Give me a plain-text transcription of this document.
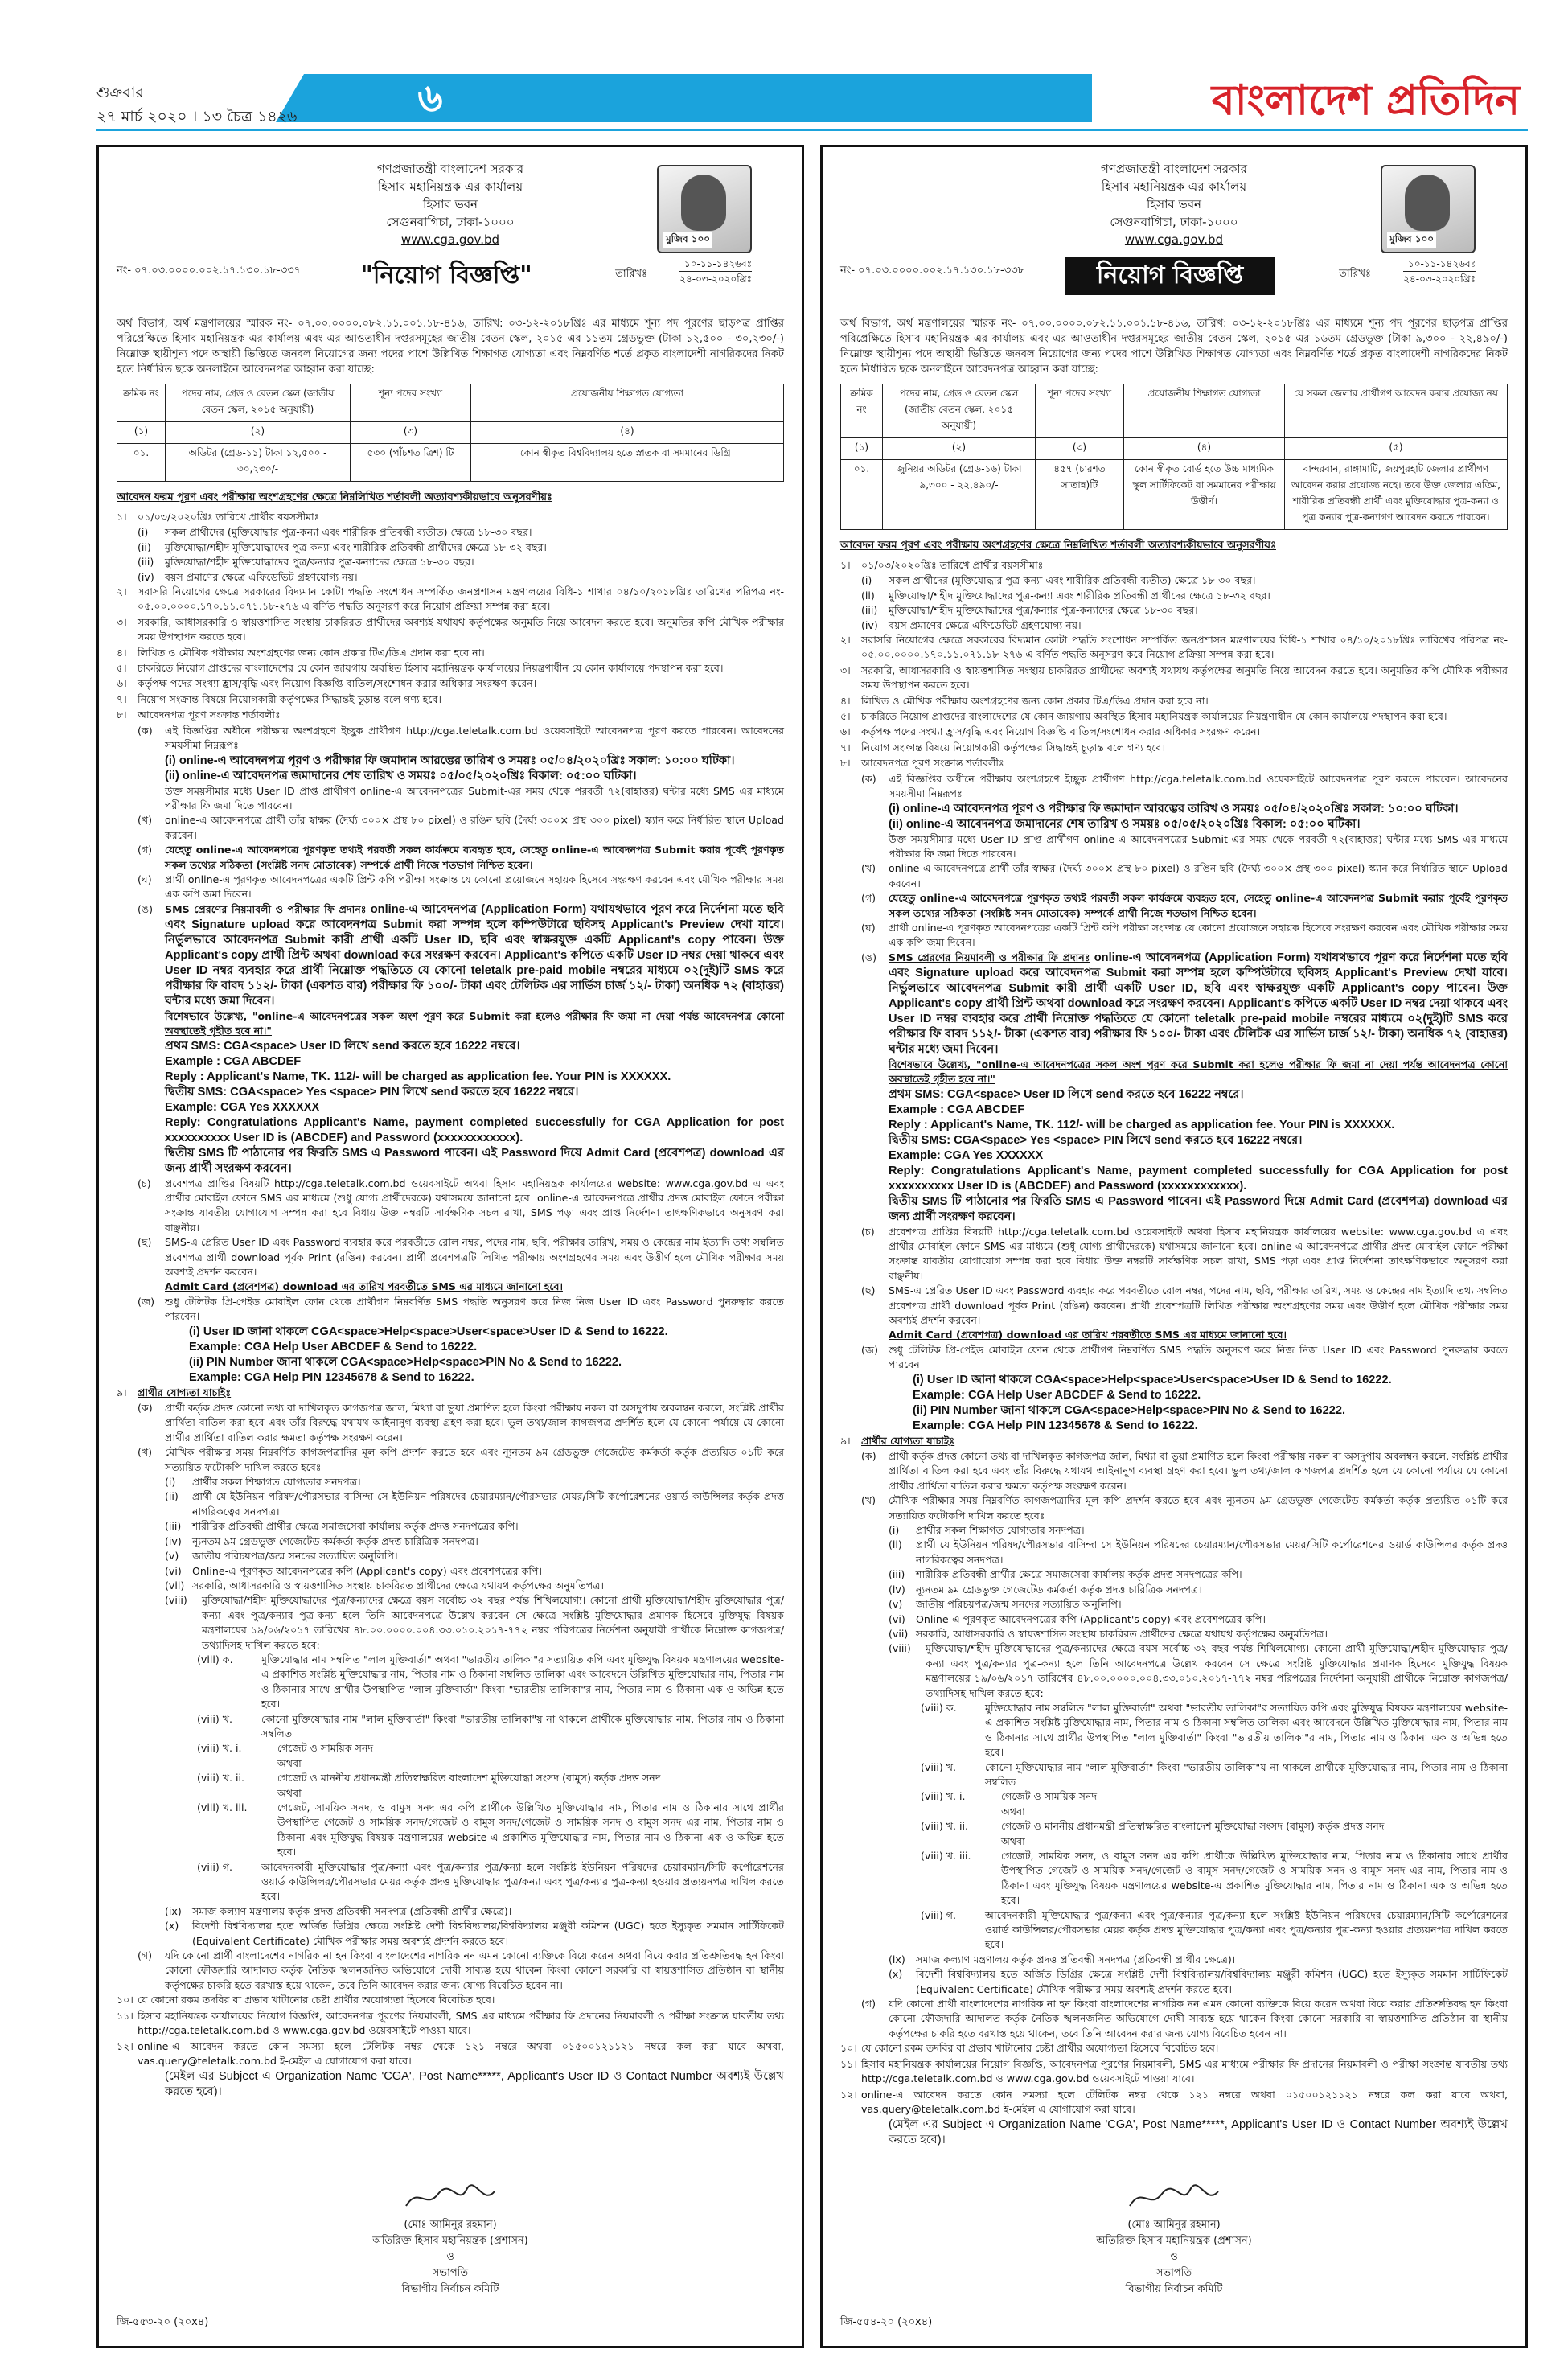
শুক্রবার
২৭ মার্চ ২০২০ । ১৩ চৈত্র ১৪২৬	৬	বাংলাদেশ প্রতিদিন
গণপ্রজাতন্ত্রী বাংলাদেশ সরকার
হিসাব মহানিয়ন্ত্রক এর কার্যালয়
হিসাব ভবন
সেগুনবাগিচা, ঢাকা-১০০০
www.cga.gov.bd	মুজিব ১০০
নং- ০৭.০৩.০০০০.০০২.১৭.১৩০.১৮-৩৩৭	"নিয়োগ বিজ্ঞপ্তি"	তারিখঃ
১০-১১-১৪২৬বঃ
২৪-০৩-২০২০খ্রিঃ

অর্থ বিভাগ, অর্থ মন্ত্রণালয়ের স্মারক নং- ০৭.০০.০০০০.০৮২.১১.০০১.১৮-৪১৬, তারিখ: ০৩-১২-২০১৮খ্রিঃ এর মাধ্যমে শূন্য পদ পূরণের ছাড়পত্র প্রাপ্তির পরিপ্রেক্ষিতে হিসাব মহানিয়ন্ত্রক এর কার্যালয় এবং এর আওতাধীন দপ্তরসমূহের জাতীয় বেতন স্কেল, ২০১৫ এর ১১তম গ্রেডভুক্ত (টাকা ১২,৫০০ - ৩০,২৩০/-) নিম্নোক্ত স্থায়ীশূন্য পদে অস্থায়ী ভিত্তিতে জনবল নিয়োগের জন্য পদের পাশে উল্লিখিত শিক্ষাগত যোগ্যতা এবং নিম্নবর্ণিত শর্তে প্রকৃত বাংলাদেশী নাগরিকদের নিকট হতে নির্ধারিত ছকে অনলাইনে আবেদনপত্র আহ্বান করা যাচ্ছে:

ক্রমিক নং	পদের নাম, গ্রেড ও বেতন স্কেল (জাতীয় বেতন স্কেল, ২০১৫ অনুযায়ী)	শূন্য পদের সংখ্যা	প্রয়োজনীয় শিক্ষাগত যোগ্যতা
(১)	(২)	(৩)	(৪)
০১.	অডিটর (গ্রেড-১১) টাকা ১২,৫০০ - ৩০,২৩০/-	৫৩০ (পাঁচশত ত্রিশ) টি	কোন স্বীকৃত বিশ্ববিদ্যালয় হতে স্নাতক বা সমমানের ডিগ্রি।
আবেদন ফরম পূরণ এবং পরীক্ষায় অংশগ্রহণের ক্ষেত্রে নিম্নলিখিত শর্তাবলী অত্যাবশ্যকীয়ভাবে অনুসরণীয়ঃ
১।	০১/০৩/২০২০খ্রিঃ তারিখে প্রার্থীর বয়সসীমাঃ
(i)	সকল প্রার্থীদের (মুক্তিযোদ্ধার পুত্র-কন্যা এবং শারীরিক প্রতিবন্ধী ব্যতীত) ক্ষেত্রে ১৮-৩০ বছর।
(ii)	মুক্তিযোদ্ধা/শহীদ মুক্তিযোদ্ধাদের পুত্র-কন্যা এবং শারীরিক প্রতিবন্ধী প্রার্থীদের ক্ষেত্রে ১৮-৩২ বছর।
(iii)	মুক্তিযোদ্ধা/শহীদ মুক্তিযোদ্ধাদের পুত্র/কন্যার পুত্র-কন্যাদের ক্ষেত্রে ১৮-৩০ বছর।
(iv)	বয়স প্রমাণের ক্ষেত্রে এফিডেভিট গ্রহণযোগ্য নয়।
২।	সরাসরি নিয়োগের ক্ষেত্রে সরকারের বিদ্যমান কোটা পদ্ধতি সংশোধন সম্পর্কিত জনপ্রশাসন মন্ত্রণালয়ের বিধি-১ শাখার ০৪/১০/২০১৮খ্রিঃ তারিখের পরিপত্র নং- ০৫.০০.০০০০.১৭০.১১.০৭১.১৮-২৭৬ এ বর্ণিত পদ্ধতি অনুসরণ করে নিয়োগ প্রক্রিয়া সম্পন্ন করা হবে।
৩।	সরকারি, আধাসরকারি ও স্বায়ত্তশাসিত সংস্থায় চাকরিরত প্রার্থীদের অবশ্যই যথাযথ কর্তৃপক্ষের অনুমতি নিয়ে আবেদন করতে হবে। অনুমতির কপি মৌখিক পরীক্ষার সময় উপস্থাপন করতে হবে।
৪।	লিখিত ও মৌখিক পরীক্ষায় অংশগ্রহণের জন্য কোন প্রকার টিএ/ডিএ প্রদান করা হবে না।
৫।	চাকরিতে নিয়োগ প্রাপ্তদের বাংলাদেশের যে কোন জায়গায় অবস্থিত হিসাব মহানিয়ন্ত্রক কার্যালয়ের নিয়ন্ত্রণাধীন যে কোন কার্যালয়ে পদস্থাপন করা হবে।
৬।	কর্তৃপক্ষ পদের সংখ্যা হ্রাস/বৃদ্ধি এবং নিয়োগ বিজ্ঞপ্তি বাতিল/সংশোধন করার অধিকার সংরক্ষণ করেন।
৭।	নিয়োগ সংক্রান্ত বিষয়ে নিয়োগকারী কর্তৃপক্ষের সিদ্ধান্তই চূড়ান্ত বলে গণ্য হবে।
৮।	আবেদনপত্র পূরণ সংক্রান্ত শর্তাবলীঃ
(ক)	এই বিজ্ঞপ্তির অধীনে পরীক্ষায় অংশগ্রহণে ইচ্ছুক প্রার্থীগণ http://cga.teletalk.com.bd ওয়েবসাইটে আবেদনপত্র পূরণ করতে পারবেন। আবেদনের সময়সীমা নিম্নরূপঃ
(i) online-এ আবেদনপত্র পূরণ ও পরীক্ষার ফি জমাদান আরম্ভের তারিখ ও সময়ঃ ০৫/০৪/২০২০খ্রিঃ সকাল: ১০:০০ ঘটিকা।
(ii) online-এ আবেদনপত্র জমাদানের শেষ তারিখ ও সময়ঃ ০৫/০৫/২০২০খ্রিঃ বিকাল: ০৫:০০ ঘটিকা।
উক্ত সময়সীমার মধ্যে User ID প্রাপ্ত প্রার্থীগণ online-এ আবেদনপত্রের Submit-এর সময় থেকে পরবর্তী ৭২(বাহাত্তর) ঘন্টার মধ্যে SMS এর মাধ্যমে পরীক্ষার ফি জমা দিতে পারবেন।
(খ)	online-এ আবেদনপত্রে প্রার্থী তাঁর স্বাক্ষর (দৈর্ঘ্য ৩০০× প্রস্থ ৮০ pixel) ও রঙিন ছবি (দৈর্ঘ্য ৩০০× প্রস্থ ৩০০ pixel) স্ক্যান করে নির্ধারিত স্থানে Upload করবেন।
(গ)	যেহেতু online-এ আবেদনপত্রে পূরণকৃত তথ্যই পরবর্তী সকল কার্যক্রমে ব্যবহৃত হবে, সেহেতু online-এ আবেদনপত্র Submit করার পূর্বেই পূরণকৃত সকল তথ্যের সঠিকতা (সংশ্লিষ্ট সনদ মোতাবেক) সম্পর্কে প্রার্থী নিজে শতভাগ নিশ্চিত হবেন।
(ঘ)	প্রার্থী online-এ পূরণকৃত আবেদনপত্রের একটি প্রিন্ট কপি পরীক্ষা সংক্রান্ত যে কোনো প্রয়োজনে সহায়ক হিসেবে সংরক্ষণ করবেন এবং মৌখিক পরীক্ষার সময় এক কপি জমা দিবেন।
(ঙ)	SMS প্রেরণের নিয়মাবলী ও পরীক্ষার ফি প্রদানঃ online-এ আবেদনপত্র (Application Form) যথাযথভাবে পূরণ করে নির্দেশনা মতে ছবি এবং Signature upload করে আবেদনপত্র Submit করা সম্পন্ন হলে কম্পিউটারে ছবিসহ Applicant's Preview দেখা যাবে। নির্ভুলভাবে আবেদনপত্র Submit কারী প্রার্থী একটি User ID, ছবি এবং স্বাক্ষরযুক্ত একটি Applicant's copy পাবেন। উক্ত Applicant's copy প্রার্থী প্রিন্ট অথবা download করে সংরক্ষণ করবেন। Applicant's কপিতে একটি User ID নম্বর দেয়া থাকবে এবং User ID নম্বর ব্যবহার করে প্রার্থী নিম্নোক্ত পদ্ধতিতে যে কোনো teletalk pre-paid mobile নম্বরের মাধ্যমে ০২(দুই)টি SMS করে পরীক্ষার ফি বাবদ ১১২/- টাকা (একশত বার) পরীক্ষার ফি ১০০/- টাকা এবং টেলিটক এর সার্ভিস চার্জ ১২/- টাকা) অনধিক ৭২ (বাহাত্তর) ঘন্টার মধ্যে জমা দিবেন।
বিশেষভাবে উল্লেখ্য, "online-এ আবেদনপত্রের সকল অংশ পূরণ করে Submit করা হলেও পরীক্ষার ফি জমা না দেয়া পর্যন্ত আবেদনপত্র কোনো অবস্থাতেই গৃহীত হবে না।"
প্রথম SMS: CGA<space> User ID লিখে send করতে হবে 16222 নম্বরে।
Example : CGA ABCDEF
Reply : Applicant's Name, TK. 112/- will be charged as application fee. Your PIN is XXXXXX.
দ্বিতীয় SMS: CGA<space> Yes <space> PIN লিখে send করতে হবে 16222 নম্বরে।
Example: CGA Yes XXXXXX
Reply: Congratulations Applicant's Name, payment completed successfully for CGA Application for post xxxxxxxxxx User ID is (ABCDEF) and Password (xxxxxxxxxxxx).
দ্বিতীয় SMS টি পাঠানোর পর ফিরতি SMS এ Password পাবেন। এই Password দিয়ে Admit Card (প্রবেশপত্র) download এর জন্য প্রার্থী সংরক্ষণ করবেন।
(চ)	প্রবেশপত্র প্রাপ্তির বিষয়টি http://cga.teletalk.com.bd ওয়েবসাইটে অথবা হিসাব মহানিয়ন্ত্রক কার্যালয়ের website: www.cga.gov.bd এ এবং প্রার্থীর মোবাইল ফোনে SMS এর মাধ্যমে (শুধু যোগ্য প্রার্থীদেরকে) যথাসময়ে জানানো হবে। online-এ আবেদনপত্রে প্রার্থীর প্রদত্ত মোবাইল ফোনে পরীক্ষা সংক্রান্ত যাবতীয় যোগাযোগ সম্পন্ন করা হবে বিধায় উক্ত নম্বরটি সার্বক্ষণিক সচল রাখা, SMS পড়া এবং প্রাপ্ত নির্দেশনা তাৎক্ষণিকভাবে অনুসরণ করা বাঞ্ছনীয়।
(ছ)	SMS-এ প্রেরিত User ID এবং Password ব্যবহার করে পরবর্তীতে রোল নম্বর, পদের নাম, ছবি, পরীক্ষার তারিখ, সময় ও কেন্দ্রের নাম ইত্যাদি তথ্য সম্বলিত প্রবেশপত্র প্রার্থী download পূর্বক Print (রঙিন) করবেন। প্রার্থী প্রবেশপত্রটি লিখিত পরীক্ষায় অংশগ্রহণের সময় এবং উত্তীর্ণ হলে মৌখিক পরীক্ষার সময় অবশ্যই প্রদর্শন করবেন।
Admit Card (প্রবেশপত্র) download এর তারিখ পরবর্তীতে SMS এর মাধ্যমে জানানো হবে।
(জ)	শুধু টেলিটক প্রি-পেইড মোবাইল ফোন থেকে প্রার্থীগণ নিম্নবর্ণিত SMS পদ্ধতি অনুসরণ করে নিজ নিজ User ID এবং Password পুনরুদ্ধার করতে পারবেন।
(i) User ID জানা থাকলে CGA<space>Help<space>User<space>User ID & Send to 16222.
Example: CGA Help User ABCDEF & Send to 16222.
(ii) PIN Number জানা থাকলে CGA<space>Help<space>PIN No & Send to 16222.
Example: CGA Help PIN 12345678 & Send to 16222.
৯।	প্রার্থীর যোগ্যতা যাচাইঃ
(ক)	প্রার্থী কর্তৃক প্রদত্ত কোনো তথ্য বা দাখিলকৃত কাগজপত্র জাল, মিথ্যা বা ভুয়া প্রমাণিত হলে কিংবা পরীক্ষায় নকল বা অসদুপায় অবলম্বন করলে, সংশ্লিষ্ট প্রার্থীর প্রার্থিতা বাতিল করা হবে এবং তাঁর বিরুদ্ধে যথাযথ আইনানুগ ব্যবস্থা গ্রহণ করা হবে। ভুল তথ্য/জাল কাগজপত্র প্রদর্শিত হলে যে কোনো পর্যায়ে যে কোনো প্রার্থীর প্রার্থিতা বাতিল করার ক্ষমতা কর্তৃপক্ষ সংরক্ষণ করেন।
(খ)	মৌখিক পরীক্ষার সময় নিম্নবর্ণিত কাগজপত্রাদির মূল কপি প্রদর্শন করতে হবে এবং ন্যূনতম ৯ম গ্রেডভুক্ত গেজেটেড কর্মকর্তা কর্তৃক প্রত্যয়িত ০১টি করে সত্যায়িত ফটোকপি দাখিল করতে হবেঃ
(i)	প্রার্থীর সকল শিক্ষাগত যোগ্যতার সনদপত্র।
(ii)	প্রার্থী যে ইউনিয়ন পরিষদ/পৌরসভার বাসিন্দা সে ইউনিয়ন পরিষদের চেয়ারম্যান/পৌরসভার মেয়র/সিটি কর্পোরেশনের ওয়ার্ড কাউন্সিলর কর্তৃক প্রদত্ত নাগরিকত্বের সনদপত্র।
(iii)	শারীরিক প্রতিবন্ধী প্রার্থীর ক্ষেত্রে সমাজসেবা কার্যালয় কর্তৃক প্রদত্ত সনদপত্রের কপি।
(iv)	ন্যূনতম ৯ম গ্রেডভুক্ত গেজেটেড কর্মকর্তা কর্তৃক প্রদত্ত চারিত্রিক সনদপত্র।
(v)	জাতীয় পরিচয়পত্র/জন্ম সনদের সত্যায়িত অনুলিপি।
(vi)	Online-এ পূরণকৃত আবেদনপত্রের কপি (Applicant's copy) এবং প্রবেশপত্রের কপি।
(vii) সরকারি, আধাসরকারি ও স্বায়ত্তশাসিত সংস্থায় চাকরিরত প্রার্থীদের ক্ষেত্রে যথাযথ কর্তৃপক্ষের অনুমতিপত্র।
(viii)	মুক্তিযোদ্ধা/শহীদ মুক্তিযোদ্ধাদের পুত্র/কন্যাদের ক্ষেত্রে বয়স সর্বোচ্চ ৩২ বছর পর্যন্ত শিথিলযোগ্য। কোনো প্রার্থী মুক্তিযোদ্ধা/শহীদ মুক্তিযোদ্ধার পুত্র/কন্যা এবং পুত্র/কন্যার পুত্র-কন্যা হলে তিনি আবেদনপত্রে উল্লেখ করবেন সে ক্ষেত্রে সংশ্লিষ্ট মুক্তিযোদ্ধার প্রমাণক হিসেবে মুক্তিযুদ্ধ বিষয়ক মন্ত্রণালয়ের ১৯/০৬/২০১৭ তারিখের ৪৮.০০.০০০০.০০৪.৩৩.০১০.২০১৭-৭৭২ নম্বর পরিপত্রের নির্দেশনা অনুযায়ী প্রার্থীকে নিম্নোক্ত কাগজপত্র/তথ্যাদিসহ দাখিল করতে হবে:
(viii) ক.	মুক্তিযোদ্ধার নাম সম্বলিত "লাল মুক্তিবার্তা" অথবা "ভারতীয় তালিকা"র সত্যায়িত কপি এবং মুক্তিযুদ্ধ বিষয়ক মন্ত্রণালয়ের website-এ প্রকাশিত সংশ্লিষ্ট মুক্তিযোদ্ধার নাম, পিতার নাম ও ঠিকানা সম্বলিত তালিকা এবং আবেদনে উল্লিখিত মুক্তিযোদ্ধার নাম, পিতার নাম ও ঠিকানার সাথে প্রার্থীর উপস্থাপিত "লাল মুক্তিবার্তা" কিংবা "ভারতীয় তালিকা"র নাম, পিতার নাম ও ঠিকানা এক ও অভিন্ন হতে হবে।
(viii) খ.	কোনো মুক্তিযোদ্ধার নাম "লাল মুক্তিবার্তা" কিংবা "ভারতীয় তালিকা"য় না থাকলে প্রার্থীকে মুক্তিযোদ্ধার নাম, পিতার নাম ও ঠিকানা সম্বলিত
(viii) খ. i.	গেজেট ও সাময়িক সনদ
অথবা
(viii) খ. ii.	গেজেট ও মাননীয় প্রধানমন্ত্রী প্রতিস্বাক্ষরিত বাংলাদেশ মুক্তিযোদ্ধা সংসদ (বামুস) কর্তৃক প্রদত্ত সনদ
অথবা
(viii) খ. iii.	গেজেট, সাময়িক সনদ, ও বামুস সনদ এর কপি প্রার্থীকে উল্লিখিত মুক্তিযোদ্ধার নাম, পিতার নাম ও ঠিকানার সাথে প্রার্থীর উপস্থাপিত গেজেট ও সাময়িক সনদ/গেজেট ও বামুস সনদ/গেজেট ও সাময়িক সনদ ও বামুস সনদ এর নাম, পিতার নাম ও ঠিকানা এবং মুক্তিযুদ্ধ বিষয়ক মন্ত্রণালয়ের website-এ প্রকাশিত মুক্তিযোদ্ধার নাম, পিতার নাম ও ঠিকানা এক ও অভিন্ন হতে হবে।
(viii) গ.	আবেদনকারী মুক্তিযোদ্ধার পুত্র/কন্যা এবং পুত্র/কন্যার পুত্র/কন্যা হলে সংশ্লিষ্ট ইউনিয়ন পরিষদের চেয়ারম্যান/সিটি কর্পোরেশনের ওয়ার্ড কাউন্সিলর/পৌরসভার মেয়র কর্তৃক প্রদত্ত মুক্তিযোদ্ধার পুত্র/কন্যা এবং পুত্র/কন্যার পুত্র-কন্যা হওয়ার প্রত্যয়নপত্র দাখিল করতে হবে।
(ix)	সমাজ কল্যাণ মন্ত্রণালয় কর্তৃক প্রদত্ত প্রতিবন্ধী সনদপত্র (প্রতিবন্ধী প্রার্থীর ক্ষেত্রে)।
(x)	বিদেশী বিশ্ববিদ্যালয় হতে অর্জিত ডিগ্রির ক্ষেত্রে সংশ্লিষ্ট দেশী বিশ্ববিদ্যালয়/বিশ্ববিদ্যালয় মঞ্জুরী কমিশন (UGC) হতে ইস্যুকৃত সমমান সার্টিফিকেট (Equivalent Certificate) মৌখিক পরীক্ষার সময় অবশ্যই প্রদর্শন করতে হবে।
(গ)	যদি কোনো প্রার্থী বাংলাদেশের নাগরিক না হন কিংবা বাংলাদেশের নাগরিক নন এমন কোনো ব্যক্তিকে বিয়ে করেন অথবা বিয়ে করার প্রতিশ্রুতিবদ্ধ হন কিংবা কোনো ফৌজদারি আদালত কর্তৃক নৈতিক স্খলনজনিত অভিযোগে দোষী সাব্যস্ত হয়ে থাকেন কিংবা কোনো সরকারি বা স্বায়ত্তশাসিত প্রতিষ্ঠান বা স্থানীয় কর্তৃপক্ষের চাকরি হতে বরখাস্ত হয়ে থাকেন, তবে তিনি আবেদন করার জন্য যোগ্য বিবেচিত হবেন না।
১০। যে কোনো রকম তদবির বা প্রভাব খাটানোর চেষ্টা প্রার্থীর অযোগ্যতা হিসেবে বিবেচিত হবে।
১১। হিসাব মহানিয়ন্ত্রক কার্যালয়ের নিয়োগ বিজ্ঞপ্তি, আবেদনপত্র পূরণের নিয়মাবলী, SMS এর মাধ্যমে পরীক্ষার ফি প্রদানের নিয়মাবলী ও পরীক্ষা সংক্রান্ত যাবতীয় তথ্য http://cga.teletalk.com.bd ও www.cga.gov.bd ওয়েবসাইটে পাওয়া যাবে।
১২। online-এ আবেদন করতে কোন সমস্যা হলে টেলিটক নম্বর থেকে ১২১ নম্বরে অথবা ০১৫০০১২১১২১ নম্বরে কল করা যাবে অথবা, vas.query@teletalk.com.bd ই-মেইল এ যোগাযোগ করা যাবে।
(মেইল এর Subject এ Organization Name 'CGA', Post Name*****, Applicant's User ID ও Contact Number অবশ্যই উল্লেখ করতে হবে)।
(মোঃ আমিনুর রহমান)
অতিরিক্ত হিসাব মহানিয়ন্ত্রক (প্রশাসন)
ও
সভাপতি
বিভাগীয় নির্বাচন কমিটি
জি-৫৫৩-২০ (২০x৪)
গণপ্রজাতন্ত্রী বাংলাদেশ সরকার
হিসাব মহানিয়ন্ত্রক এর কার্যালয়
হিসাব ভবন
সেগুনবাগিচা, ঢাকা-১০০০
www.cga.gov.bd	মুজিব ১০০
নং- ০৭.০৩.০০০০.০০২.১৭.১৩০.১৮-৩৩৮	নিয়োগ বিজ্ঞপ্তি	তারিখঃ
১০-১১-১৪২৬বঃ
২৪-০৩-২০২০খ্রিঃ

অর্থ বিভাগ, অর্থ মন্ত্রণালয়ের স্মারক নং- ০৭.০০.০০০০.০৮২.১১.০০১.১৮-৪১৬, তারিখ: ০৩-১২-২০১৮খ্রিঃ এর মাধ্যমে শূন্য পদ পূরণের ছাড়পত্র প্রাপ্তির পরিপ্রেক্ষিতে হিসাব মহানিয়ন্ত্রক এর কার্যালয় এবং এর আওতাধীন দপ্তরসমূহের জাতীয় বেতন স্কেল, ২০১৫ এর ১৬তম গ্রেডভুক্ত (টাকা ৯,৩০০ - ২২,৪৯০/-) নিম্নোক্ত স্থায়ীশূন্য পদে অস্থায়ী ভিত্তিতে জনবল নিয়োগের জন্য পদের পাশে উল্লিখিত শিক্ষাগত যোগ্যতা এবং নিম্নবর্ণিত শর্তে প্রকৃত বাংলাদেশী নাগরিকদের নিকট হতে নির্ধারিত ছকে অনলাইনে আবেদনপত্র আহ্বান করা যাচ্ছে:

ক্রমিক নং	পদের নাম, গ্রেড ও বেতন স্কেল (জাতীয় বেতন স্কেল, ২০১৫ অনুযায়ী)	শূন্য পদের সংখ্যা	প্রয়োজনীয় শিক্ষাগত যোগ্যতা	যে সকল জেলার প্রার্থীগণ আবেদন করার প্রযোজ্য নয়
(১)	(২)	(৩)	(৪)	(৫)
০১.	জুনিয়র অডিটর (গ্রেড-১৬) টাকা ৯,৩০০ - ২২,৪৯০/-	৪৫৭ (চারশত সাতান্ন)টি	কোন স্বীকৃত বোর্ড হতে উচ্চ মাধ্যমিক স্কুল সার্টিফিকেট বা সমমানের পরীক্ষায় উত্তীর্ণ।	বান্দরবান, রাঙ্গামাটি, জয়পুরহাট জেলার প্রার্থীগণ আবেদন করার প্রযোজ্য নহে। তবে উক্ত জেলার এতিম, শারীরিক প্রতিবন্ধী প্রার্থী এবং মুক্তিযোদ্ধার পুত্র-কন্যা ও পুত্র কন্যার পুত্র-কন্যাগণ আবেদন করতে পারবেন।
আবেদন ফরম পূরণ এবং পরীক্ষায় অংশগ্রহণের ক্ষেত্রে নিম্নলিখিত শর্তাবলী অত্যাবশ্যকীয়ভাবে অনুসরণীয়ঃ
১।	০১/০৩/২০২০খ্রিঃ তারিখে প্রার্থীর বয়সসীমাঃ
(i)	সকল প্রার্থীদের (মুক্তিযোদ্ধার পুত্র-কন্যা এবং শারীরিক প্রতিবন্ধী ব্যতীত) ক্ষেত্রে ১৮-৩০ বছর।
(ii)	মুক্তিযোদ্ধা/শহীদ মুক্তিযোদ্ধাদের পুত্র-কন্যা এবং শারীরিক প্রতিবন্ধী প্রার্থীদের ক্ষেত্রে ১৮-৩২ বছর।
(iii)	মুক্তিযোদ্ধা/শহীদ মুক্তিযোদ্ধাদের পুত্র/কন্যার পুত্র-কন্যাদের ক্ষেত্রে ১৮-৩০ বছর।
(iv)	বয়স প্রমাণের ক্ষেত্রে এফিডেভিট গ্রহণযোগ্য নয়।
২।	সরাসরি নিয়োগের ক্ষেত্রে সরকারের বিদ্যমান কোটা পদ্ধতি সংশোধন সম্পর্কিত জনপ্রশাসন মন্ত্রণালয়ের বিধি-১ শাখার ০৪/১০/২০১৮খ্রিঃ তারিখের পরিপত্র নং- ০৫.০০.০০০০.১৭০.১১.০৭১.১৮-২৭৬ এ বর্ণিত পদ্ধতি অনুসরণ করে নিয়োগ প্রক্রিয়া সম্পন্ন করা হবে।
৩।	সরকারি, আধাসরকারি ও স্বায়ত্তশাসিত সংস্থায় চাকরিরত প্রার্থীদের অবশ্যই যথাযথ কর্তৃপক্ষের অনুমতি নিয়ে আবেদন করতে হবে। অনুমতির কপি মৌখিক পরীক্ষার সময় উপস্থাপন করতে হবে।
৪।	লিখিত ও মৌখিক পরীক্ষায় অংশগ্রহণের জন্য কোন প্রকার টিএ/ডিএ প্রদান করা হবে না।
৫।	চাকরিতে নিয়োগ প্রাপ্তদের বাংলাদেশের যে কোন জায়গায় অবস্থিত হিসাব মহানিয়ন্ত্রক কার্যালয়ের নিয়ন্ত্রণাধীন যে কোন কার্যালয়ে পদস্থাপন করা হবে।
৬।	কর্তৃপক্ষ পদের সংখ্যা হ্রাস/বৃদ্ধি এবং নিয়োগ বিজ্ঞপ্তি বাতিল/সংশোধন করার অধিকার সংরক্ষণ করেন।
৭।	নিয়োগ সংক্রান্ত বিষয়ে নিয়োগকারী কর্তৃপক্ষের সিদ্ধান্তই চূড়ান্ত বলে গণ্য হবে।
৮।	আবেদনপত্র পূরণ সংক্রান্ত শর্তাবলীঃ
(ক)	এই বিজ্ঞপ্তির অধীনে পরীক্ষায় অংশগ্রহণে ইচ্ছুক প্রার্থীগণ http://cga.teletalk.com.bd ওয়েবসাইটে আবেদনপত্র পূরণ করতে পারবেন। আবেদনের সময়সীমা নিম্নরূপঃ
(i) online-এ আবেদনপত্র পূরণ ও পরীক্ষার ফি জমাদান আরম্ভের তারিখ ও সময়ঃ ০৫/০৪/২০২০খ্রিঃ সকাল: ১০:০০ ঘটিকা।
(ii) online-এ আবেদনপত্র জমাদানের শেষ তারিখ ও সময়ঃ ০৫/০৫/২০২০খ্রিঃ বিকাল: ০৫:০০ ঘটিকা।
উক্ত সময়সীমার মধ্যে User ID প্রাপ্ত প্রার্থীগণ online-এ আবেদনপত্রের Submit-এর সময় থেকে পরবর্তী ৭২(বাহাত্তর) ঘন্টার মধ্যে SMS এর মাধ্যমে পরীক্ষার ফি জমা দিতে পারবেন।
(খ)	online-এ আবেদনপত্রে প্রার্থী তাঁর স্বাক্ষর (দৈর্ঘ্য ৩০০× প্রস্থ ৮০ pixel) ও রঙিন ছবি (দৈর্ঘ্য ৩০০× প্রস্থ ৩০০ pixel) স্ক্যান করে নির্ধারিত স্থানে Upload করবেন।
(গ)	যেহেতু online-এ আবেদনপত্রে পূরণকৃত তথ্যই পরবর্তী সকল কার্যক্রমে ব্যবহৃত হবে, সেহেতু online-এ আবেদনপত্র Submit করার পূর্বেই পূরণকৃত সকল তথ্যের সঠিকতা (সংশ্লিষ্ট সনদ মোতাবেক) সম্পর্কে প্রার্থী নিজে শতভাগ নিশ্চিত হবেন।
(ঘ)	প্রার্থী online-এ পূরণকৃত আবেদনপত্রের একটি প্রিন্ট কপি পরীক্ষা সংক্রান্ত যে কোনো প্রয়োজনে সহায়ক হিসেবে সংরক্ষণ করবেন এবং মৌখিক পরীক্ষার সময় এক কপি জমা দিবেন।
(ঙ)	SMS প্রেরণের নিয়মাবলী ও পরীক্ষার ফি প্রদানঃ online-এ আবেদনপত্র (Application Form) যথাযথভাবে পূরণ করে নির্দেশনা মতে ছবি এবং Signature upload করে আবেদনপত্র Submit করা সম্পন্ন হলে কম্পিউটারে ছবিসহ Applicant's Preview দেখা যাবে। নির্ভুলভাবে আবেদনপত্র Submit কারী প্রার্থী একটি User ID, ছবি এবং স্বাক্ষরযুক্ত একটি Applicant's copy পাবেন। উক্ত Applicant's copy প্রার্থী প্রিন্ট অথবা download করে সংরক্ষণ করবেন। Applicant's কপিতে একটি User ID নম্বর দেয়া থাকবে এবং User ID নম্বর ব্যবহার করে প্রার্থী নিম্নোক্ত পদ্ধতিতে যে কোনো teletalk pre-paid mobile নম্বরের মাধ্যমে ০২(দুই)টি SMS করে পরীক্ষার ফি বাবদ ১১২/- টাকা (একশত বার) পরীক্ষার ফি ১০০/- টাকা এবং টেলিটক এর সার্ভিস চার্জ ১২/- টাকা) অনধিক ৭২ (বাহাত্তর) ঘন্টার মধ্যে জমা দিবেন।
বিশেষভাবে উল্লেখ্য, "online-এ আবেদনপত্রের সকল অংশ পূরণ করে Submit করা হলেও পরীক্ষার ফি জমা না দেয়া পর্যন্ত আবেদনপত্র কোনো অবস্থাতেই গৃহীত হবে না।"
প্রথম SMS: CGA<space> User ID লিখে send করতে হবে 16222 নম্বরে।
Example : CGA ABCDEF
Reply : Applicant's Name, TK. 112/- will be charged as application fee. Your PIN is XXXXXX.
দ্বিতীয় SMS: CGA<space> Yes <space> PIN লিখে send করতে হবে 16222 নম্বরে।
Example: CGA Yes XXXXXX
Reply: Congratulations Applicant's Name, payment completed successfully for CGA Application for post xxxxxxxxxx User ID is (ABCDEF) and Password (xxxxxxxxxxxx).
দ্বিতীয় SMS টি পাঠানোর পর ফিরতি SMS এ Password পাবেন। এই Password দিয়ে Admit Card (প্রবেশপত্র) download এর জন্য প্রার্থী সংরক্ষণ করবেন।
(চ)	প্রবেশপত্র প্রাপ্তির বিষয়টি http://cga.teletalk.com.bd ওয়েবসাইটে অথবা হিসাব মহানিয়ন্ত্রক কার্যালয়ের website: www.cga.gov.bd এ এবং প্রার্থীর মোবাইল ফোনে SMS এর মাধ্যমে (শুধু যোগ্য প্রার্থীদেরকে) যথাসময়ে জানানো হবে। online-এ আবেদনপত্রে প্রার্থীর প্রদত্ত মোবাইল ফোনে পরীক্ষা সংক্রান্ত যাবতীয় যোগাযোগ সম্পন্ন করা হবে বিধায় উক্ত নম্বরটি সার্বক্ষণিক সচল রাখা, SMS পড়া এবং প্রাপ্ত নির্দেশনা তাৎক্ষণিকভাবে অনুসরণ করা বাঞ্ছনীয়।
(ছ)	SMS-এ প্রেরিত User ID এবং Password ব্যবহার করে পরবর্তীতে রোল নম্বর, পদের নাম, ছবি, পরীক্ষার তারিখ, সময় ও কেন্দ্রের নাম ইত্যাদি তথ্য সম্বলিত প্রবেশপত্র প্রার্থী download পূর্বক Print (রঙিন) করবেন। প্রার্থী প্রবেশপত্রটি লিখিত পরীক্ষায় অংশগ্রহণের সময় এবং উত্তীর্ণ হলে মৌখিক পরীক্ষার সময় অবশ্যই প্রদর্শন করবেন।
Admit Card (প্রবেশপত্র) download এর তারিখ পরবর্তীতে SMS এর মাধ্যমে জানানো হবে।
(জ)	শুধু টেলিটক প্রি-পেইড মোবাইল ফোন থেকে প্রার্থীগণ নিম্নবর্ণিত SMS পদ্ধতি অনুসরণ করে নিজ নিজ User ID এবং Password পুনরুদ্ধার করতে পারবেন।
(i) User ID জানা থাকলে CGA<space>Help<space>User<space>User ID & Send to 16222.
Example: CGA Help User ABCDEF & Send to 16222.
(ii) PIN Number জানা থাকলে CGA<space>Help<space>PIN No & Send to 16222.
Example: CGA Help PIN 12345678 & Send to 16222.
৯।	প্রার্থীর যোগ্যতা যাচাইঃ
(ক)	প্রার্থী কর্তৃক প্রদত্ত কোনো তথ্য বা দাখিলকৃত কাগজপত্র জাল, মিথ্যা বা ভুয়া প্রমাণিত হলে কিংবা পরীক্ষায় নকল বা অসদুপায় অবলম্বন করলে, সংশ্লিষ্ট প্রার্থীর প্রার্থিতা বাতিল করা হবে এবং তাঁর বিরুদ্ধে যথাযথ আইনানুগ ব্যবস্থা গ্রহণ করা হবে। ভুল তথ্য/জাল কাগজপত্র প্রদর্শিত হলে যে কোনো পর্যায়ে যে কোনো প্রার্থীর প্রার্থিতা বাতিল করার ক্ষমতা কর্তৃপক্ষ সংরক্ষণ করেন।
(খ)	মৌখিক পরীক্ষার সময় নিম্নবর্ণিত কাগজপত্রাদির মূল কপি প্রদর্শন করতে হবে এবং ন্যূনতম ৯ম গ্রেডভুক্ত গেজেটেড কর্মকর্তা কর্তৃক প্রত্যয়িত ০১টি করে সত্যায়িত ফটোকপি দাখিল করতে হবেঃ
(i)	প্রার্থীর সকল শিক্ষাগত যোগ্যতার সনদপত্র।
(ii)	প্রার্থী যে ইউনিয়ন পরিষদ/পৌরসভার বাসিন্দা সে ইউনিয়ন পরিষদের চেয়ারম্যান/পৌরসভার মেয়র/সিটি কর্পোরেশনের ওয়ার্ড কাউন্সিলর কর্তৃক প্রদত্ত নাগরিকত্বের সনদপত্র।
(iii)	শারীরিক প্রতিবন্ধী প্রার্থীর ক্ষেত্রে সমাজসেবা কার্যালয় কর্তৃক প্রদত্ত সনদপত্রের কপি।
(iv)	ন্যূনতম ৯ম গ্রেডভুক্ত গেজেটেড কর্মকর্তা কর্তৃক প্রদত্ত চারিত্রিক সনদপত্র।
(v)	জাতীয় পরিচয়পত্র/জন্ম সনদের সত্যায়িত অনুলিপি।
(vi)	Online-এ পূরণকৃত আবেদনপত্রের কপি (Applicant's copy) এবং প্রবেশপত্রের কপি।
(vii) সরকারি, আধাসরকারি ও স্বায়ত্তশাসিত সংস্থায় চাকরিরত প্রার্থীদের ক্ষেত্রে যথাযথ কর্তৃপক্ষের অনুমতিপত্র।
(viii)	মুক্তিযোদ্ধা/শহীদ মুক্তিযোদ্ধাদের পুত্র/কন্যাদের ক্ষেত্রে বয়স সর্বোচ্চ ৩২ বছর পর্যন্ত শিথিলযোগ্য। কোনো প্রার্থী মুক্তিযোদ্ধা/শহীদ মুক্তিযোদ্ধার পুত্র/কন্যা এবং পুত্র/কন্যার পুত্র-কন্যা হলে তিনি আবেদনপত্রে উল্লেখ করবেন সে ক্ষেত্রে সংশ্লিষ্ট মুক্তিযোদ্ধার প্রমাণক হিসেবে মুক্তিযুদ্ধ বিষয়ক মন্ত্রণালয়ের ১৯/০৬/২০১৭ তারিখের ৪৮.০০.০০০০.০০৪.৩৩.০১০.২০১৭-৭৭২ নম্বর পরিপত্রের নির্দেশনা অনুযায়ী প্রার্থীকে নিম্নোক্ত কাগজপত্র/তথ্যাদিসহ দাখিল করতে হবে:
(viii) ক.	মুক্তিযোদ্ধার নাম সম্বলিত "লাল মুক্তিবার্তা" অথবা "ভারতীয় তালিকা"র সত্যায়িত কপি এবং মুক্তিযুদ্ধ বিষয়ক মন্ত্রণালয়ের website-এ প্রকাশিত সংশ্লিষ্ট মুক্তিযোদ্ধার নাম, পিতার নাম ও ঠিকানা সম্বলিত তালিকা এবং আবেদনে উল্লিখিত মুক্তিযোদ্ধার নাম, পিতার নাম ও ঠিকানার সাথে প্রার্থীর উপস্থাপিত "লাল মুক্তিবার্তা" কিংবা "ভারতীয় তালিকা"র নাম, পিতার নাম ও ঠিকানা এক ও অভিন্ন হতে হবে।
(viii) খ.	কোনো মুক্তিযোদ্ধার নাম "লাল মুক্তিবার্তা" কিংবা "ভারতীয় তালিকা"য় না থাকলে প্রার্থীকে মুক্তিযোদ্ধার নাম, পিতার নাম ও ঠিকানা সম্বলিত
(viii) খ. i.	গেজেট ও সাময়িক সনদ
অথবা
(viii) খ. ii.	গেজেট ও মাননীয় প্রধানমন্ত্রী প্রতিস্বাক্ষরিত বাংলাদেশ মুক্তিযোদ্ধা সংসদ (বামুস) কর্তৃক প্রদত্ত সনদ
অথবা
(viii) খ. iii.	গেজেট, সাময়িক সনদ, ও বামুস সনদ এর কপি প্রার্থীকে উল্লিখিত মুক্তিযোদ্ধার নাম, পিতার নাম ও ঠিকানার সাথে প্রার্থীর উপস্থাপিত গেজেট ও সাময়িক সনদ/গেজেট ও বামুস সনদ/গেজেট ও সাময়িক সনদ ও বামুস সনদ এর নাম, পিতার নাম ও ঠিকানা এবং মুক্তিযুদ্ধ বিষয়ক মন্ত্রণালয়ের website-এ প্রকাশিত মুক্তিযোদ্ধার নাম, পিতার নাম ও ঠিকানা এক ও অভিন্ন হতে হবে।
(viii) গ.	আবেদনকারী মুক্তিযোদ্ধার পুত্র/কন্যা এবং পুত্র/কন্যার পুত্র/কন্যা হলে সংশ্লিষ্ট ইউনিয়ন পরিষদের চেয়ারম্যান/সিটি কর্পোরেশনের ওয়ার্ড কাউন্সিলর/পৌরসভার মেয়র কর্তৃক প্রদত্ত মুক্তিযোদ্ধার পুত্র/কন্যা এবং পুত্র/কন্যার পুত্র-কন্যা হওয়ার প্রত্যয়নপত্র দাখিল করতে হবে।
(ix)	সমাজ কল্যাণ মন্ত্রণালয় কর্তৃক প্রদত্ত প্রতিবন্ধী সনদপত্র (প্রতিবন্ধী প্রার্থীর ক্ষেত্রে)।
(x)	বিদেশী বিশ্ববিদ্যালয় হতে অর্জিত ডিগ্রির ক্ষেত্রে সংশ্লিষ্ট দেশী বিশ্ববিদ্যালয়/বিশ্ববিদ্যালয় মঞ্জুরী কমিশন (UGC) হতে ইস্যুকৃত সমমান সার্টিফিকেট (Equivalent Certificate) মৌখিক পরীক্ষার সময় অবশ্যই প্রদর্শন করতে হবে।
(গ)	যদি কোনো প্রার্থী বাংলাদেশের নাগরিক না হন কিংবা বাংলাদেশের নাগরিক নন এমন কোনো ব্যক্তিকে বিয়ে করেন অথবা বিয়ে করার প্রতিশ্রুতিবদ্ধ হন কিংবা কোনো ফৌজদারি আদালত কর্তৃক নৈতিক স্খলনজনিত অভিযোগে দোষী সাব্যস্ত হয়ে থাকেন কিংবা কোনো সরকারি বা স্বায়ত্তশাসিত প্রতিষ্ঠান বা স্থানীয় কর্তৃপক্ষের চাকরি হতে বরখাস্ত হয়ে থাকেন, তবে তিনি আবেদন করার জন্য যোগ্য বিবেচিত হবেন না।
১০। যে কোনো রকম তদবির বা প্রভাব খাটানোর চেষ্টা প্রার্থীর অযোগ্যতা হিসেবে বিবেচিত হবে।
১১। হিসাব মহানিয়ন্ত্রক কার্যালয়ের নিয়োগ বিজ্ঞপ্তি, আবেদনপত্র পূরণের নিয়মাবলী, SMS এর মাধ্যমে পরীক্ষার ফি প্রদানের নিয়মাবলী ও পরীক্ষা সংক্রান্ত যাবতীয় তথ্য http://cga.teletalk.com.bd ও www.cga.gov.bd ওয়েবসাইটে পাওয়া যাবে।
১২। online-এ আবেদন করতে কোন সমস্যা হলে টেলিটক নম্বর থেকে ১২১ নম্বরে অথবা ০১৫০০১২১১২১ নম্বরে কল করা যাবে অথবা, vas.query@teletalk.com.bd ই-মেইল এ যোগাযোগ করা যাবে।
(মেইল এর Subject এ Organization Name 'CGA', Post Name*****, Applicant's User ID ও Contact Number অবশ্যই উল্লেখ করতে হবে)।
(মোঃ আমিনুর রহমান)
অতিরিক্ত হিসাব মহানিয়ন্ত্রক (প্রশাসন)
ও
সভাপতি
বিভাগীয় নির্বাচন কমিটি
জি-৫৫৪-২০ (২০x৪)
